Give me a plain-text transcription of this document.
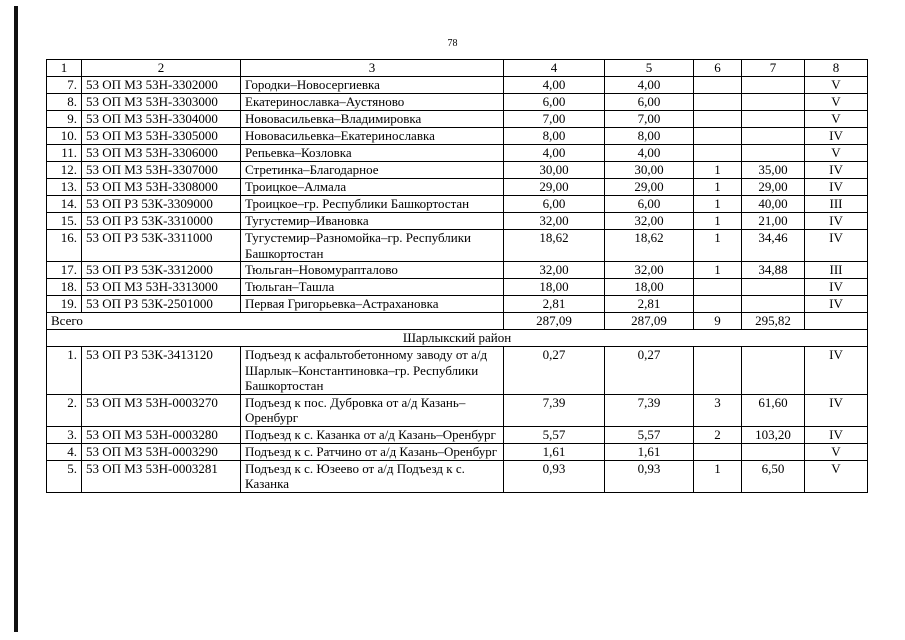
78
1	2	3	4	5	6	7	8
7.	53 ОП МЗ 53Н-3302000	Городки–Новосергиевка	4,00	4,00			V
8.	53 ОП МЗ 53Н-3303000	Екатеринославка–Аустяново	6,00	6,00			V
9.	53 ОП МЗ 53Н-3304000	Нововасильевка–Владимировка	7,00	7,00			V
10.	53 ОП МЗ 53Н-3305000	Нововасильевка–Екатеринославка	8,00	8,00			IV
11.	53 ОП МЗ 53Н-3306000	Репьевка–Козловка	4,00	4,00			V
12.	53 ОП МЗ 53Н-3307000	Стретинка–Благодарное	30,00	30,00	1	35,00	IV
13.	53 ОП МЗ 53Н-3308000	Троицкое–Алмала	29,00	29,00	1	29,00	IV
14.	53 ОП РЗ 53К-3309000	Троицкое–гр. Республики Башкортостан	6,00	6,00	1	40,00	III
15.	53 ОП РЗ 53К-3310000	Тугустемир–Ивановка	32,00	32,00	1	21,00	IV
16.	53 ОП РЗ 53К-3311000	Тугустемир–Разномойка–гр. Республики Башкортостан	18,62	18,62	1	34,46	IV
17.	53 ОП РЗ 53К-3312000	Тюльган–Новомурапталово	32,00	32,00	1	34,88	III
18.	53 ОП МЗ 53Н-3313000	Тюльган–Ташла	18,00	18,00			IV
19.	53 ОП РЗ 53К-2501000	Первая Григорьевка–Астрахановка	2,81	2,81			IV
Всего			287,09	287,09	9	295,82	
Шарлыкский район							
1.	53 ОП РЗ 53К-3413120	Подъезд к асфальтобетонному заводу от а/д Шарлык–Константиновка–гр. Республики Башкортостан	0,27	0,27			IV
2.	53 ОП МЗ 53Н-0003270	Подъезд к пос. Дубровка от а/д Казань–Оренбург	7,39	7,39	3	61,60	IV
3.	53 ОП МЗ 53Н-0003280	Подъезд к с. Казанка от а/д Казань–Оренбург	5,57	5,57	2	103,20	IV
4.	53 ОП МЗ 53Н-0003290	Подъезд к с. Ратчино от а/д Казань–Оренбург	1,61	1,61			V
5.	53 ОП МЗ 53Н-0003281	Подъезд к с. Юзеево от а/д Подъезд к с. Казанка	0,93	0,93	1	6,50	V
